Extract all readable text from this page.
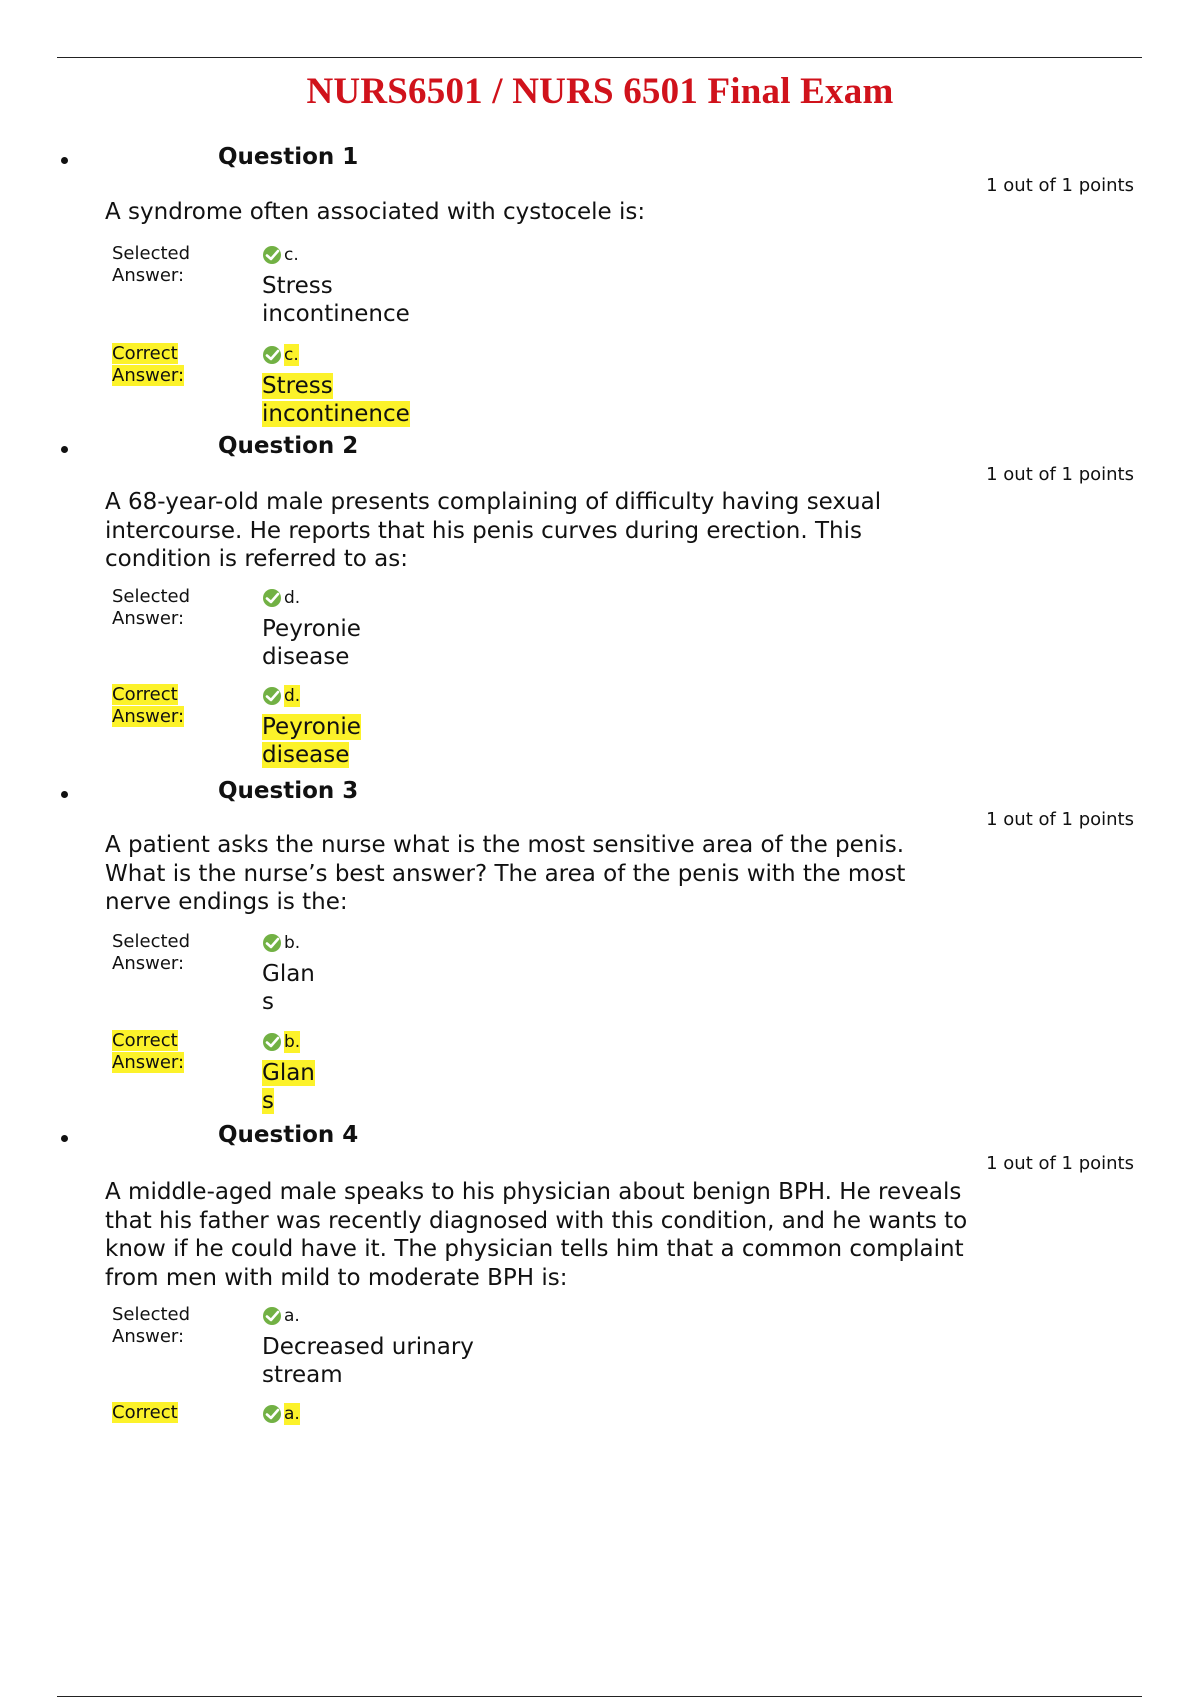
NURS6501 / NURS 6501 Final Exam
Question 1
1 out of 1 points
A syndrome often associated with cystocele is:
Selected
Answer:
c.
Stress
incontinence
Correct
Answer:
c.
Stress
incontinence
Question 2
1 out of 1 points
A 68-year-old male presents complaining of difficulty having sexual
intercourse. He reports that his penis curves during erection. This
condition is referred to as:
Selected
Answer:
d.
Peyronie
disease
Correct
Answer:
d.
Peyronie
disease
Question 3
1 out of 1 points
A patient asks the nurse what is the most sensitive area of the penis.
What is the nurse’s best answer? The area of the penis with the most
nerve endings is the:
Selected
Answer:
b.
Glan
s
Correct
Answer:
b.
Glan
s
Question 4
1 out of 1 points
A middle-aged male speaks to his physician about benign BPH. He reveals
that his father was recently diagnosed with this condition, and he wants to
know if he could have it. The physician tells him that a common complaint
from men with mild to moderate BPH is:
Selected
Answer:
a.
Decreased urinary
stream
Correct	a.
